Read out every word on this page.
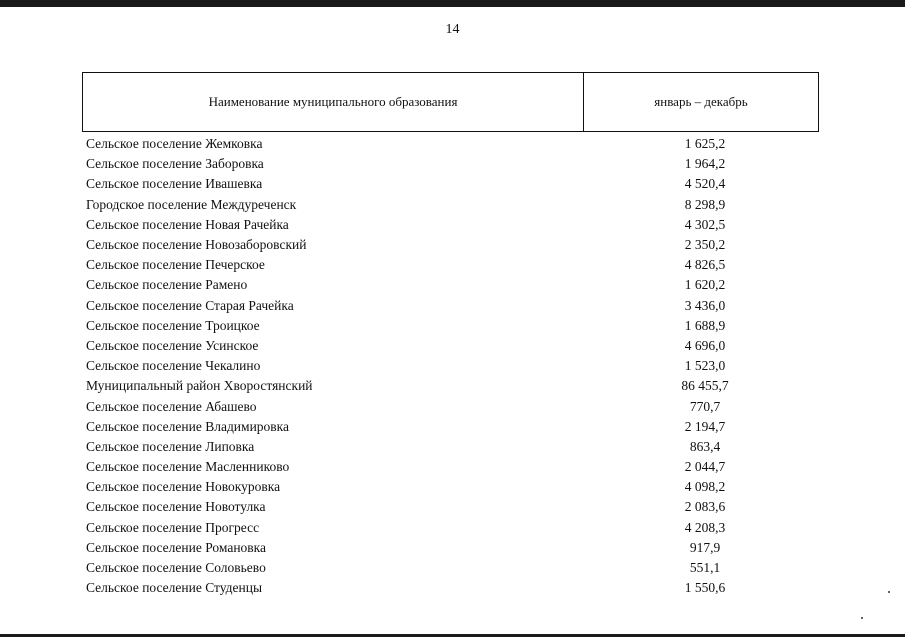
14
Наименование муниципального образования	январь – декабрь
Сельское поселение Жемковка	1 625,2
Сельское поселение Заборовка	1 964,2
Сельское поселение Ивашевка	4 520,4
Городское поселение Междуреченск	8 298,9
Сельское поселение Новая Рачейка	4 302,5
Сельское поселение Новозаборовский	2 350,2
Сельское поселение Печерское	4 826,5
Сельское поселение Рамено	1 620,2
Сельское поселение Старая Рачейка	3 436,0
Сельское поселение Троицкое	1 688,9
Сельское поселение Усинское	4 696,0
Сельское поселение Чекалино	1 523,0
Муниципальный район Хворостянский	86 455,7
Сельское поселение Абашево	770,7
Сельское поселение Владимировка	2 194,7
Сельское поселение Липовка	863,4
Сельское поселение Масленниково	2 044,7
Сельское поселение Новокуровка	4 098,2
Сельское поселение Новотулка	2 083,6
Сельское поселение Прогресс	4 208,3
Сельское поселение Романовка	917,9
Сельское поселение Соловьево	551,1
Сельское поселение Студенцы	1 550,6
